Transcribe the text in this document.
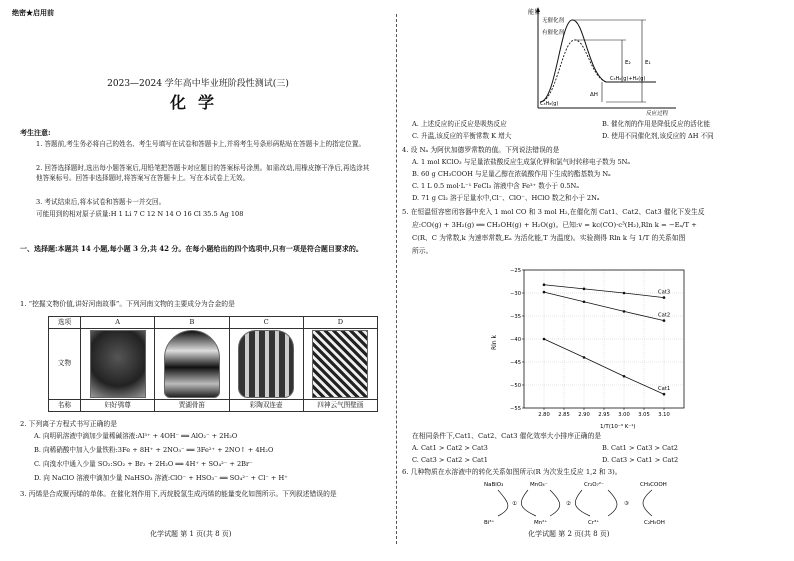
绝密★启用前
2023—2024 学年高中毕业班阶段性测试(三)
化学
考生注意:
1. 答题前,考生务必将自己的姓名、考生号填写在试卷和答题卡上,并将考生号条形码粘贴在答题卡上的指定位置。
2. 回答选择题时,选出每小题答案后,用铅笔把答题卡对应题目的答案标号涂黑。如需改动,用橡皮擦干净后,再选涂其他答案标号。回答非选择题时,将答案写在答题卡上。写在本试卷上无效。
3. 考试结束后,将本试卷和答题卡一并交回。
可能用到的相对原子质量:H 1 Li 7 C 12 N 14 O 16 Cl 35.5 Ag 108
一、选择题:本题共 14 小题,每小题 3 分,共 42 分。在每小题给出的四个选项中,只有一项是符合题目要求的。
1. “挖掘文物价值,讲好河南故事”。下列河南文物的主要成分为合金的是
选项	A	B	C	D
文物	

名称	妇好鸮尊	贾湖骨笛	彩陶双连壶	四神云气图壁画
2. 下列离子方程式书写正确的是
A. 向明矾溶液中滴加少量稀碱溶液:Al³⁺ + 4OH⁻ ══ AlO₂⁻ + 2H₂O
B. 向稀硝酸中加入少量铁粉:3Fe + 8H⁺ + 2NO₃⁻ ══ 3Fe²⁺ + 2NO↑ + 4H₂O
C. 向溴水中通入少量 SO₂:SO₂ + Br₂ + 2H₂O ══ 4H⁺ + SO₄²⁻ + 2Br⁻
D. 向 NaClO 溶液中滴加少量 NaHSO₃ 溶液:ClO⁻ + HSO₃⁻ ══ SO₄²⁻ + Cl⁻ + H⁺
3. 丙烯是合成聚丙烯的单体。在催化剂作用下,丙烷脱氢生成丙烯的能量变化如图所示。下列叙述错误的是
化学试题 第 1 页(共 8 页)
能量
反应过程
无催化剂
有催化剂
C₃H₈(g)
C₃H₆(g)+H₂(g)
E₂	E₁
ΔH
A. 上述反应的正反应是吸热反应	B. 催化剂的作用是降低反应的活化能
C. 升温,该反应的平衡常数 K 增大	D. 使用不同催化剂,该反应的 ΔH 不同
4. 设 Nₐ 为阿伏加德罗常数的值。下列说法错误的是
A. 1 mol KClO₃ 与足量浓盐酸反应生成氯化钾和氯气时转移电子数为 5Nₐ
B. 60 g CH₃COOH 与足量乙醇在浓硫酸作用下生成的酯基数为 Nₐ
C. 1 L 0.5 mol·L⁻¹ FeCl₃ 溶液中含 Fe³⁺ 数小于 0.5Nₐ
D. 71 g Cl₂ 溶于足量水中,Cl⁻、ClO⁻、HClO 数之和小于 2Nₐ
5. 在恒温恒容密闭容器中充入 1 mol CO 和 3 mol H₂,在催化剂 Cat1、Cat2、Cat3 催化下发生反
应:CO(g) + 3H₂(g) ══ CH₃OH(g) + H₂O(g)。已知:v = kc(CO)·c³(H₂),Rln k = −Eₐ/T +
C(R、C 为常数,k 为速率常数,Eₐ 为活化能,T 为温度)。实验测得 Rln k 与 1/T 的关系如图
所示。
−25
−30
−35
−40
−45
−50
−55
2.80 2.85 2.90 2.95 3.00 3.05 3.10
Cat3
Cat2
Cat1
Rln k
1/T(10⁻³ K⁻¹)
在相同条件下,Cat1、Cat2、Cat3 催化效率大小排序正确的是
A. Cat1 > Cat2 > Cat3	B. Cat1 > Cat3 > Cat2
C. Cat3 > Cat2 > Cat1	D. Cat3 > Cat1 > Cat2
6. 几种物质在水溶液中的转化关系如图所示(R 为次发生反应 1,2 和 3)。
NaBiO₃	MnO₄⁻	Cr₂O₇²⁻	CH₃COOH
Bi³⁺	Mn²⁺	Cr³⁺	C₂H₅OH
①	②	③
化学试题 第 2 页(共 8 页)
